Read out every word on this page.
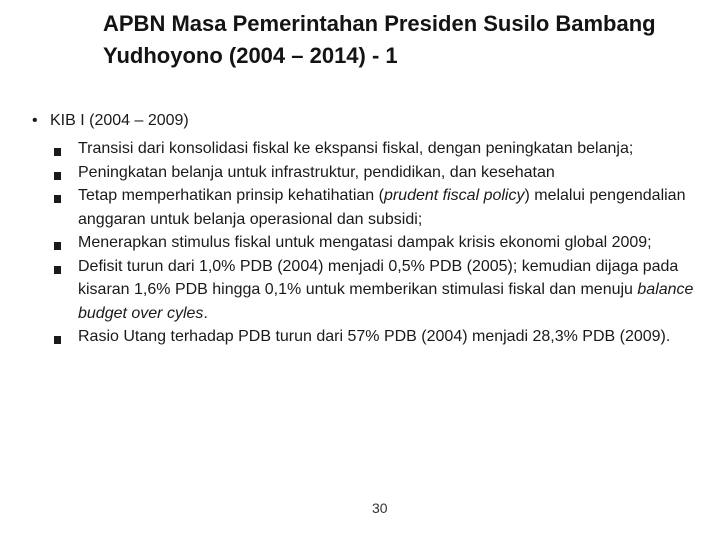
APBN Masa Pemerintahan Presiden Susilo Bambang Yudhoyono (2004 – 2014) - 1
• KIB I (2004 – 2009)
Transisi dari konsolidasi fiskal ke ekspansi fiskal, dengan peningkatan belanja;
Peningkatan belanja untuk infrastruktur, pendidikan, dan kesehatan
Tetap memperhatikan prinsip kehatihatian (prudent fiscal policy) melalui pengendalian anggaran untuk belanja operasional dan subsidi;
Menerapkan stimulus fiskal untuk mengatasi dampak krisis ekonomi global 2009;
Defisit turun dari 1,0% PDB (2004) menjadi 0,5% PDB (2005); kemudian dijaga pada kisaran 1,6% PDB hingga 0,1% untuk memberikan stimulasi fiskal dan menuju balance budget over cyles.
Rasio Utang terhadap PDB turun dari 57% PDB (2004) menjadi 28,3% PDB (2009).
30
